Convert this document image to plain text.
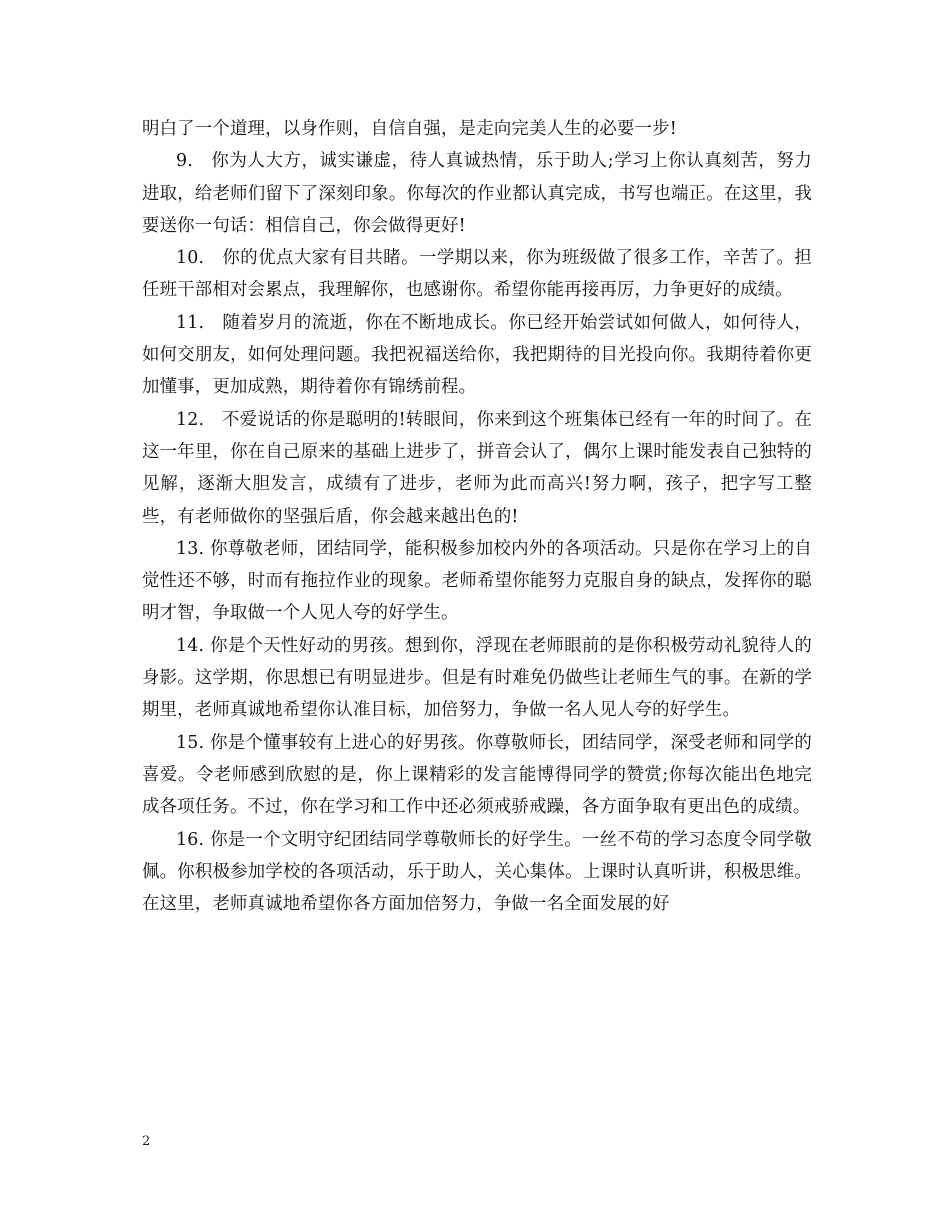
明白了一个道理，以身作则，自信自强，是走向完美人生的必要一步!

9.　你为人大方，诚实谦虚，待人真诚热情，乐于助人;学习上你认真刻苦，努力进取，给老师们留下了深刻印象。你每次的作业都认真完成，书写也端正。在这里，我要送你一句话：相信自己，你会做得更好!

10.　你的优点大家有目共睹。一学期以来，你为班级做了很多工作，辛苦了。担任班干部相对会累点，我理解你，也感谢你。希望你能再接再厉，力争更好的成绩。

11.　随着岁月的流逝，你在不断地成长。你已经开始尝试如何做人，如何待人，如何交朋友，如何处理问题。我把祝福送给你，我把期待的目光投向你。我期待着你更加懂事，更加成熟，期待着你有锦绣前程。

12.　不爱说话的你是聪明的!转眼间，你来到这个班集体已经有一年的时间了。在这一年里，你在自己原来的基础上进步了，拼音会认了，偶尔上课时能发表自己独特的见解，逐渐大胆发言，成绩有了进步，老师为此而高兴!努力啊，孩子，把字写工整些，有老师做你的坚强后盾，你会越来越出色的!

13. 你尊敬老师，团结同学，能积极参加校内外的各项活动。只是你在学习上的自觉性还不够，时而有拖拉作业的现象。老师希望你能努力克服自身的缺点，发挥你的聪明才智，争取做一个人见人夸的好学生。

14. 你是个天性好动的男孩。想到你，浮现在老师眼前的是你积极劳动礼貌待人的身影。这学期，你思想已有明显进步。但是有时难免仍做些让老师生气的事。在新的学期里，老师真诚地希望你认准目标，加倍努力，争做一名人见人夸的好学生。

15. 你是个懂事较有上进心的好男孩。你尊敬师长，团结同学，深受老师和同学的喜爱。令老师感到欣慰的是，你上课精彩的发言能博得同学的赞赏;你每次能出色地完成各项任务。不过，你在学习和工作中还必须戒骄戒躁，各方面争取有更出色的成绩。

16. 你是一个文明守纪团结同学尊敬师长的好学生。一丝不苟的学习态度令同学敬佩。你积极参加学校的各项活动，乐于助人，关心集体。上课时认真听讲，积极思维。在这里，老师真诚地希望你各方面加倍努力，争做一名全面发展的好

2
